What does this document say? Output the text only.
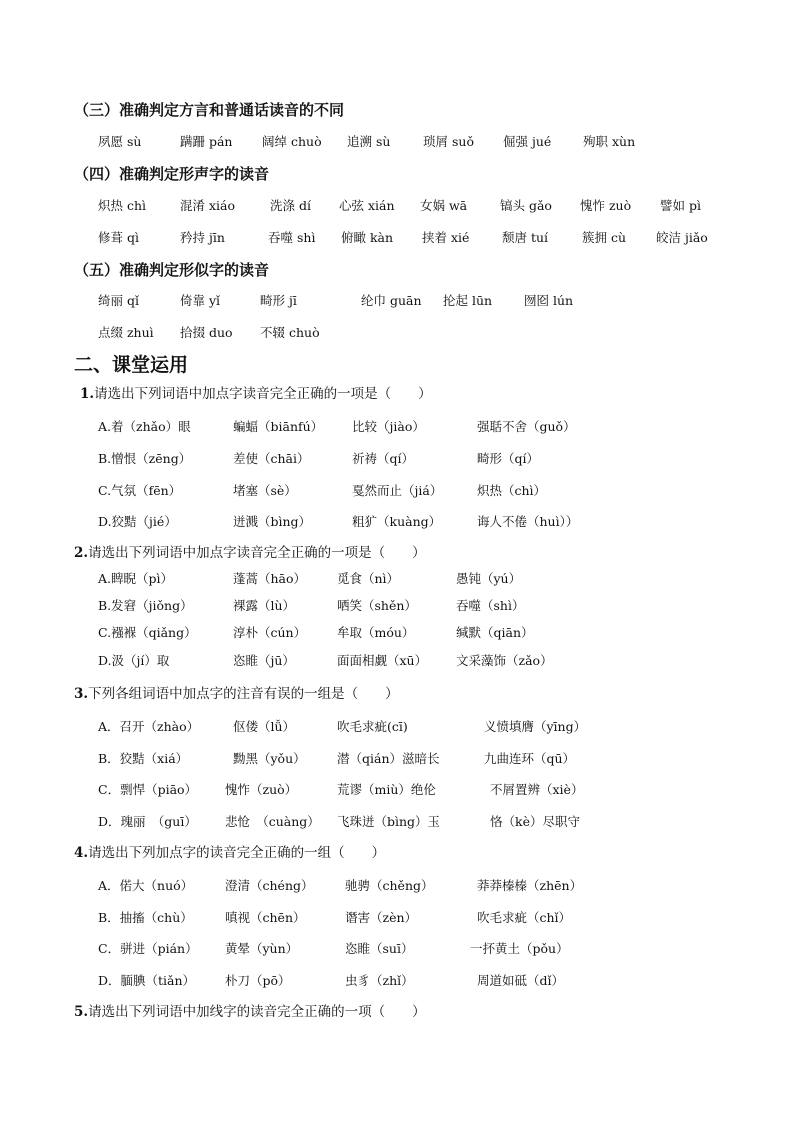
（三）准确判定方言和普通话读音的不同
夙愿 sù	蹒跚 pán 阔绰 chuò 追溯 sù	琐屑 suǒ 倔强 jué	殉职 xùn
（四）准确判定形声字的读音
炽热 chì	混淆 xiáo	洗涤 dí 心弦 xián 女娲 wā	镐头 gǎo 愧怍 zuò 譬如 pì
修葺 qì	矜持 jīn	吞噬 shì 俯瞰 kàn 挟着 xié	颓唐 tuí	簇拥 cù 皎洁 jiǎo
（五）准确判定形似字的读音
绮丽 qǐ	倚靠 yǐ	畸形 jī	纶巾 guān 抡起 lūn	囫囵 lún
点缀 zhuì 拾掇 duo 不辍 chuò
二、课堂运用
1.请选出下列词语中加点字读音完全正确的一项是（　　）
A.着（zhǎo）眼	蝙蝠（biānfú） 比较（jiào）	强聒不舍（guǒ）
B.憎恨（zēng）	差使（chāi）	祈祷（qí）	畸形（qí）
C.气氛（fēn）	堵塞（sè）	戛然而止（jiá）	炽热（chì）
D.狡黠（jié）	迸溅（bìng）	粗犷（kuàng）	诲人不倦（huì））
2.请选出下列词语中加点字读音完全正确的一项是（　　）
A.睥睨（pì）	蓬蒿（hāo） 觅食（nì）	愚钝（yú）
B.发窘（jiǒng）	裸露（lù）	哂笑（shěn）	吞噬（shì）
C.襁褓（qiǎng）	淳朴（cún） 牟取（móu）	缄默（qiān）
D.汲（jí）取	恣睢（jū）	面面相觑（xū） 文采藻饰（zǎo）
3.下列各组词语中加点字的注音有误的一组是（　　）
A．召开（zhào）	伛偻（lǚ）	吹毛求疵(cī)	义愤填膺（yīng）
B．狡黠（xiá）	黝黑（yǒu）	潜（qián）滋暗长	九曲连环（qū）
C．剽悍（piāo） 愧怍（zuò）	荒谬（miù）绝伦	不屑置辨（xiè）
D．瑰丽　（guī） 悲怆　（cuàng） 飞珠迸（bìng）玉	恪（kè）尽职守
4.请选出下列加点字的读音完全正确的一组（　　）
A．偌大（nuó）	澄清（chéng）	驰骋（chěng）	莽莽榛榛（zhēn）
B．抽搐（chù）	嗔视（chēn）	谮害（zèn）	吹毛求疵（chǐ）
C．骈进（pián） 黄晕（yùn）	恣睢（suī）	一抔黄土（pǒu）
D．腼腆（tiǎn） 朴刀（pō）	虫豸（zhǐ）	周道如砥（dǐ）
5.请选出下列词语中加线字的读音完全正确的一项（　　）
